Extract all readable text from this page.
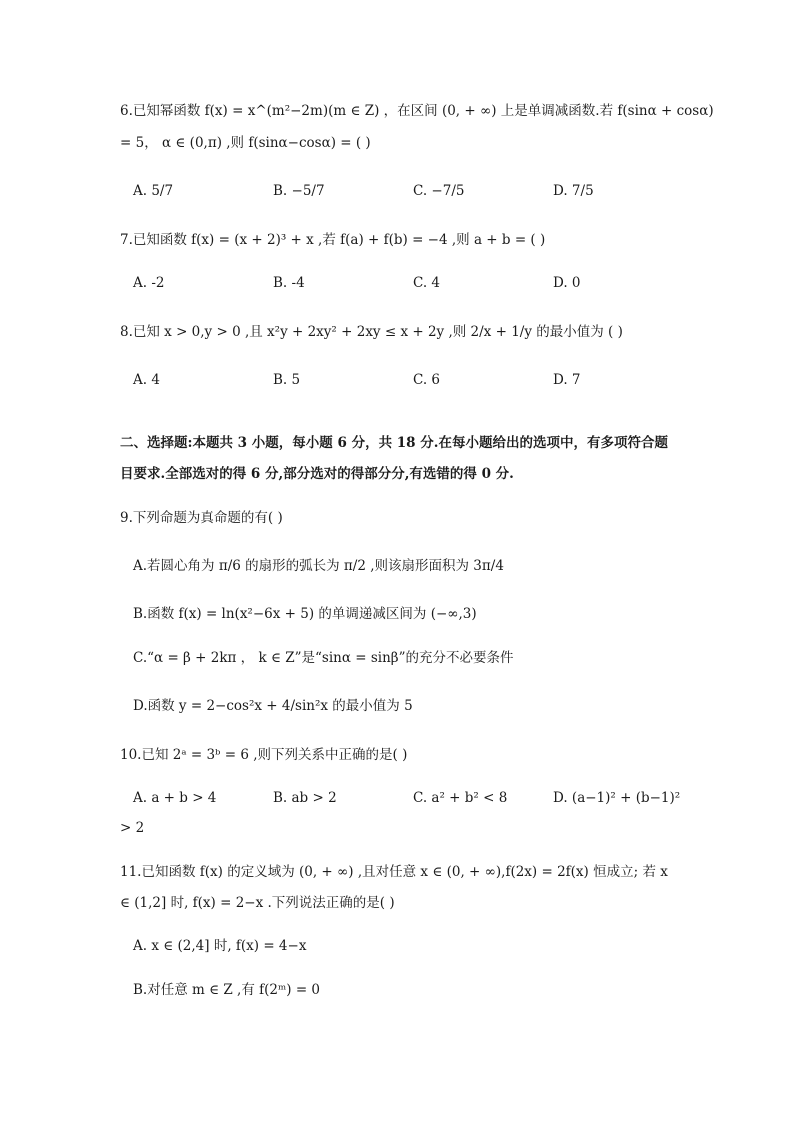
6.已知幂函数 f(x) = x^(m²−2m)(m ∈ Z) ，在区间 (0, + ∞) 上是单调减函数.若 f(sinα + cosα)
= 5， α ∈ (0,π) ,则 f(sinα−cosα) = ( )
A. 5/7	B. −5/7	C. −7/5	D. 7/5
7.已知函数 f(x) = (x + 2)³ + x ,若 f(a) + f(b) = −4 ,则 a + b = ( )
A. -2	B. -4	C. 4	D. 0
8.已知 x > 0,y > 0 ,且 x²y + 2xy² + 2xy ≤ x + 2y ,则 2/x + 1/y 的最小值为 ( )
A. 4	B. 5	C. 6	D. 7
二、选择题:本题共 3 小题，每小题 6 分，共 18 分.在每小题给出的选项中，有多项符合题
目要求.全部选对的得 6 分,部分选对的得部分分,有选错的得 0 分.
9.下列命题为真命题的有( )
A.若圆心角为 π/6 的扇形的弧长为 π/2 ,则该扇形面积为 3π/4
B.函数 f(x) = ln(x²−6x + 5) 的单调递减区间为 (−∞,3)
C.“α = β + 2kπ ， k ∈ Z”是“sinα = sinβ”的充分不必要条件
D.函数 y = 2−cos²x + 4/sin²x 的最小值为 5
10.已知 2ᵃ = 3ᵇ = 6 ,则下列关系中正确的是( )
A. a + b > 4	B. ab > 2	C. a² + b² < 8	D. (a−1)² + (b−1)²
> 2
11.已知函数 f(x) 的定义域为 (0, + ∞) ,且对任意 x ∈ (0, + ∞),f(2x) = 2f(x) 恒成立; 若 x
∈ (1,2] 时, f(x) = 2−x .下列说法正确的是( )
A. x ∈ (2,4] 时, f(x) = 4−x
B.对任意 m ∈ Z ,有 f(2ᵐ) = 0
